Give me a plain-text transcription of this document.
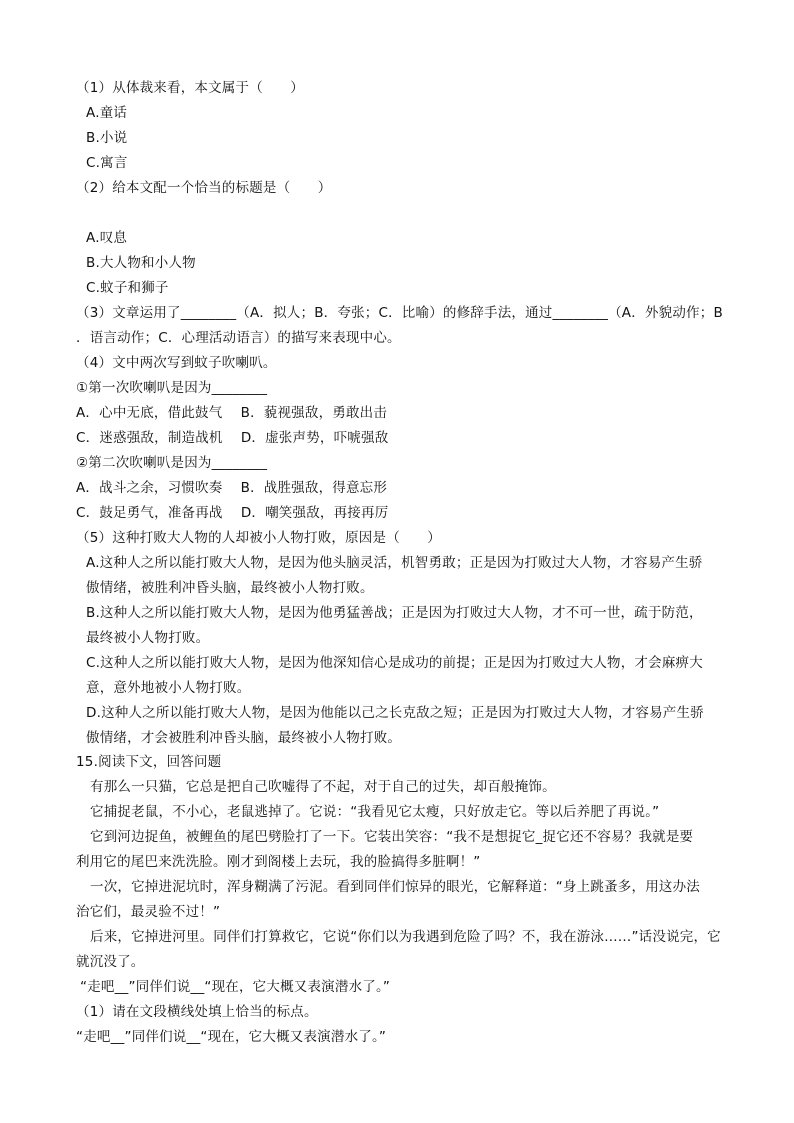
（1）从体裁来看，本文属于（　　）
A.童话
B.小说
C.寓言
（2）给本文配一个恰当的标题是（　　）
A.叹息
B.大人物和小人物
C.蚊子和狮子
（3）文章运用了________（A．拟人；B．夸张；C．比喻）的修辞手法，通过________（A．外貌动作；B
．语言动作；C．心理活动语言）的描写来表现中心。
（4）文中两次写到蚊子吹喇叭。
①第一次吹喇叭是因为________
A．心中无底，借此鼓气　 B．藐视强敌，勇敢出击
C．迷惑强敌，制造战机　 D．虚张声势，吓唬强敌
②第二次吹喇叭是因为________
A．战斗之余，习惯吹奏　 B．战胜强敌，得意忘形
C．鼓足勇气，准备再战　 D．嘲笑强敌，再接再厉
（5）这种打败大人物的人却被小人物打败，原因是（　　）
A.这种人之所以能打败大人物，是因为他头脑灵活，机智勇敢；正是因为打败过大人物，才容易产生骄
傲情绪，被胜利冲昏头脑，最终被小人物打败。
B.这种人之所以能打败大人物，是因为他勇猛善战；正是因为打败过大人物，才不可一世，疏于防范，
最终被小人物打败。
C.这种人之所以能打败大人物，是因为他深知信心是成功的前提；正是因为打败过大人物，才会麻痹大
意，意外地被小人物打败。
D.这种人之所以能打败大人物，是因为他能以己之长克敌之短；正是因为打败过大人物，才容易产生骄
傲情绪，才会被胜利冲昏头脑，最终被小人物打败。
15.阅读下文，回答问题
有那么一只猫，它总是把自己吹嘘得了不起，对于自己的过失，却百般掩饰。
它捕捉老鼠，不小心，老鼠逃掉了。它说：“我看见它太瘦，只好放走它。等以后养肥了再说。”
它到河边捉鱼，被鲤鱼的尾巴劈脸打了一下。它装出笑容：“我不是想捉它_捉它还不容易？我就是要
利用它的尾巴来洗洗脸。刚才到阁楼上去玩，我的脸搞得多脏啊！”
一次，它掉进泥坑时，浑身糊满了污泥。看到同伴们惊异的眼光，它解释道：“身上跳蚤多，用这办法
治它们，最灵验不过！”
后来，它掉进河里。同伴们打算救它，它说“你们以为我遇到危险了吗？不，我在游泳……”话没说完，它
就沉没了。
“走吧__”同伴们说__“现在，它大概又表演潜水了。”
（1）请在文段横线处填上恰当的标点。
“走吧__”同伴们说__“现在，它大概又表演潜水了。”
